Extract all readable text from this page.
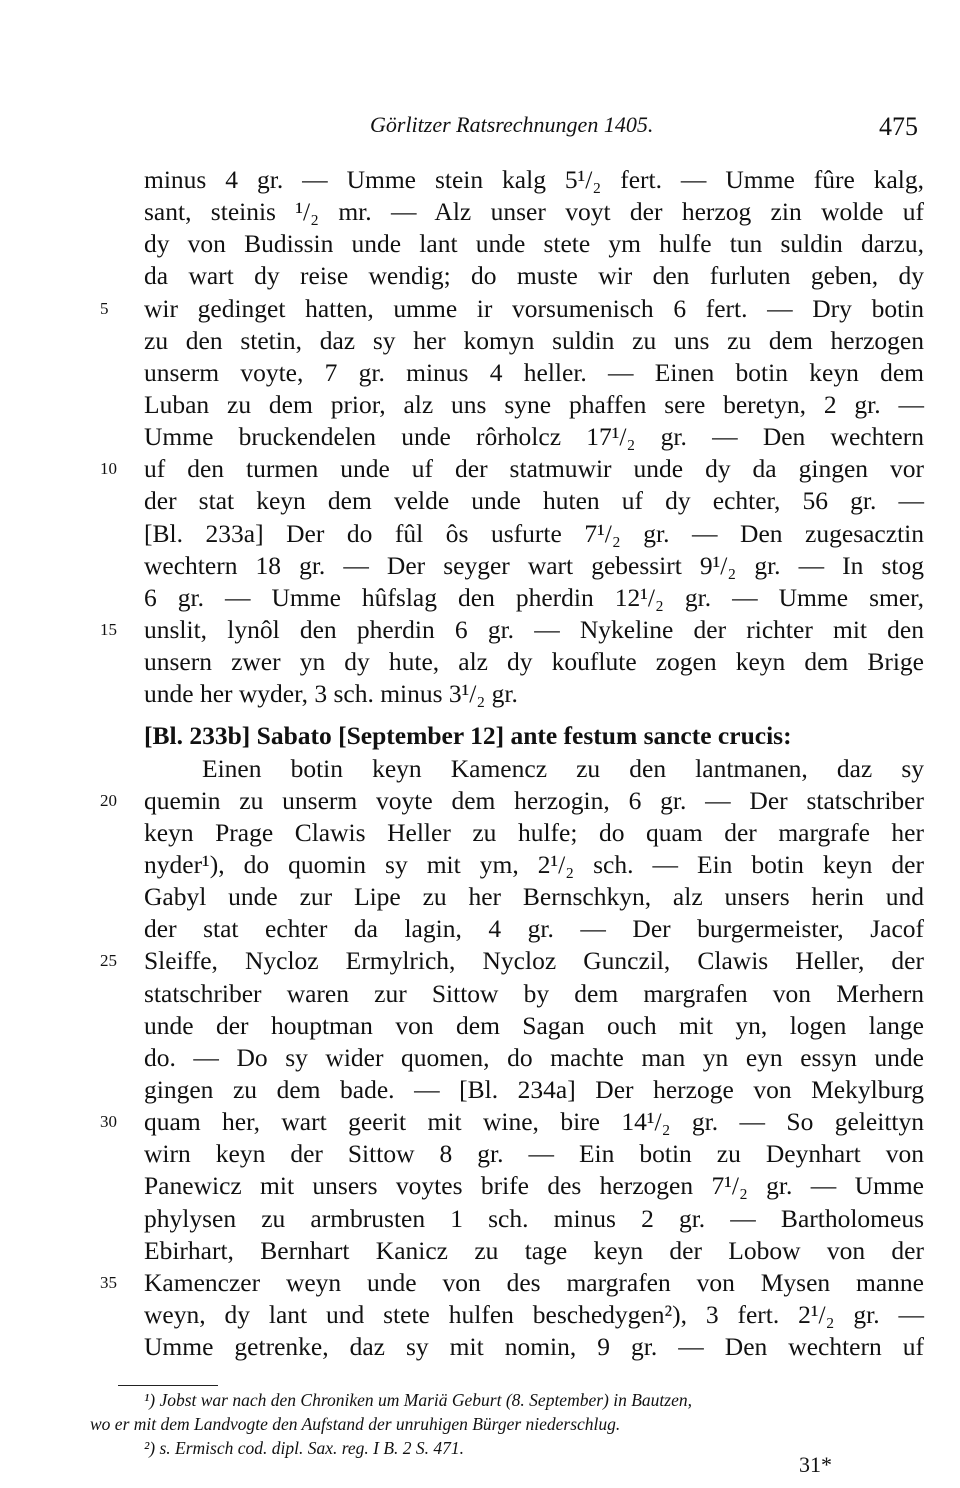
Görlitzer Ratsrechnungen 1405.	475
minus 4 gr. — Umme stein kalg 5¹/₂ fert. — Umme fûre kalg,
sant, steinis ¹/₂ mr. — Alz unser voyt der herzog zin wolde uf
dy von Budissin unde lant unde stete ym hulfe tun suldin darzu,
da wart dy reise wendig; do muste wir den furluten geben, dy
5	wir gedinget hatten, umme ir vorsumenisch 6 fert. — Dry botin
zu den stetin, daz sy her komyn suldin zu uns zu dem herzogen
unserm voyte, 7 gr. minus 4 heller. — Einen botin keyn dem
Luban zu dem prior, alz uns syne phaffen sere beretyn, 2 gr. —
Umme bruckendelen unde rôrholcz 17¹/₂ gr. — Den wechtern
10	uf den turmen unde uf der statmuwir unde dy da gingen vor
der stat keyn dem velde unde huten uf dy echter, 56 gr. —
[Bl. 233a] Der do fûl ôs usfurte 7¹/₂ gr. — Den zugesacztin
wechtern 18 gr. — Der seyger wart gebessirt 9¹/₂ gr. — In stog
6 gr. — Umme hûfslag den pherdin 12¹/₂ gr. — Umme smer,
15	unslit, lynôl den pherdin 6 gr. — Nykeline der richter mit den
unsern zwer yn dy hute, alz dy kouflute zogen keyn dem Brige
unde her wyder, 3 sch. minus 3¹/₂ gr.
[Bl. 233b] Sabato [September 12] ante festum sancte crucis:
Einen botin keyn Kamencz zu den lantmanen, daz sy
20	quemin zu unserm voyte dem herzogin, 6 gr. — Der statschriber
keyn Prage Clawis Heller zu hulfe; do quam der margrafe her
nyder¹), do quomin sy mit ym, 2¹/₂ sch. — Ein botin keyn der
Gabyl unde zur Lipe zu her Bernschkyn, alz unsers herin und
der stat echter da lagin, 4 gr. — Der burgermeister, Jacof
25	Sleiffe, Nycloz Ermylrich, Nycloz Gunczil, Clawis Heller, der
statschriber waren zur Sittow by dem margrafen von Merhern
unde der houptman von dem Sagan ouch mit yn, logen lange
do. — Do sy wider quomen, do machte man yn eyn essyn unde
gingen zu dem bade. — [Bl. 234a] Der herzoge von Mekylburg
30	quam her, wart geerit mit wine, bire 14¹/₂ gr. — So geleittyn
wirn keyn der Sittow 8 gr. — Ein botin zu Deynhart von
Panewicz mit unsers voytes brife des herzogen 7¹/₂ gr. — Umme
phylysen zu armbrusten 1 sch. minus 2 gr. — Bartholomeus
Ebirhart, Bernhart Kanicz zu tage keyn der Lobow von der
35	Kamenczer weyn unde von des margrafen von Mysen manne
weyn, dy lant und stete hulfen beschedygen²), 3 fert. 2¹/₂ gr. —
Umme getrenke, daz sy mit nomin, 9 gr. — Den wechtern uf
¹) Jobst war nach den Chroniken um Mariä Geburt (8. September) in Bautzen,
wo er mit dem Landvogte den Aufstand der unruhigen Bürger niederschlug.
²) s. Ermisch cod. dipl. Sax. reg. I B. 2 S. 471.
31*
